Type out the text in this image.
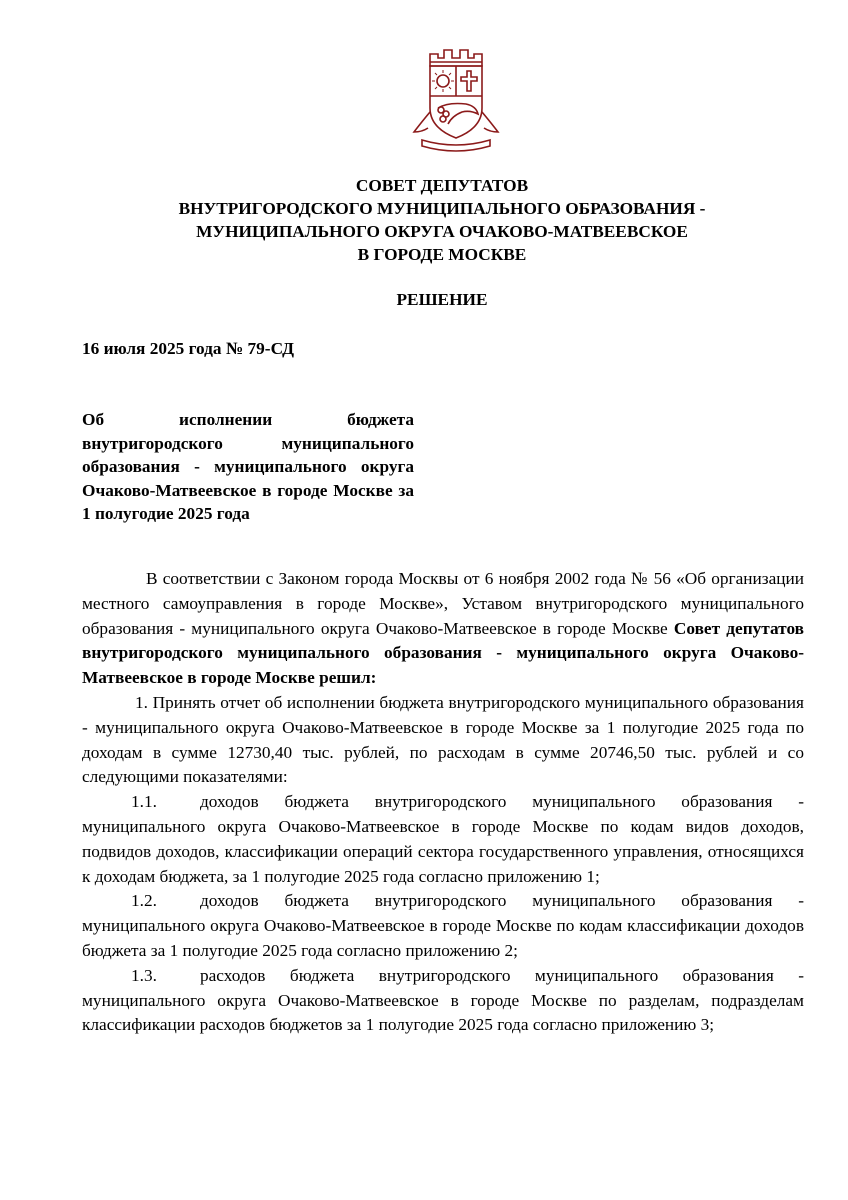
СОВЕТ ДЕПУТАТОВ
ВНУТРИГОРОДСКОГО МУНИЦИПАЛЬНОГО ОБРАЗОВАНИЯ -
МУНИЦИПАЛЬНОГО ОКРУГА ОЧАКОВО-МАТВЕЕВСКОЕ
В ГОРОДЕ МОСКВЕ
РЕШЕНИЕ
16 июля 2025 года № 79-СД
Об исполнении бюджета внутригородского муниципального образования - муниципального округа Очаково-Матвеевское в городе Москве за 1 полугодие 2025 года

В соответствии с Законом города Москвы от 6 ноября 2002 года № 56 «Об организации местного самоуправления в городе Москве», Уставом внутригородского муниципального образования - муниципального округа Очаково-Матвеевское в городе Москве Совет депутатов внутригородского муниципального образования - муниципального округа Очаково-Матвеевское в городе Москве решил:

1. Принять отчет об исполнении бюджета внутригородского муниципального образования - муниципального округа Очаково-Матвеевское в городе Москве за 1 полугодие 2025 года по доходам в сумме 12730,40 тыс. рублей, по расходам в сумме 20746,50 тыс. рублей и со следующими показателями:

1.1. доходов бюджета внутригородского муниципального образования - муниципального округа Очаково-Матвеевское в городе Москве по кодам видов доходов, подвидов доходов, классификации операций сектора государственного управления, относящихся к доходам бюджета, за 1 полугодие 2025 года согласно приложению 1;

1.2. доходов бюджета внутригородского муниципального образования - муниципального округа Очаково-Матвеевское в городе Москве по кодам классификации доходов бюджета за 1 полугодие 2025 года согласно приложению 2;

1.3. расходов бюджета внутригородского муниципального образования - муниципального округа Очаково-Матвеевское в городе Москве по разделам, подразделам классификации расходов бюджетов за 1 полугодие 2025 года согласно приложению 3;
